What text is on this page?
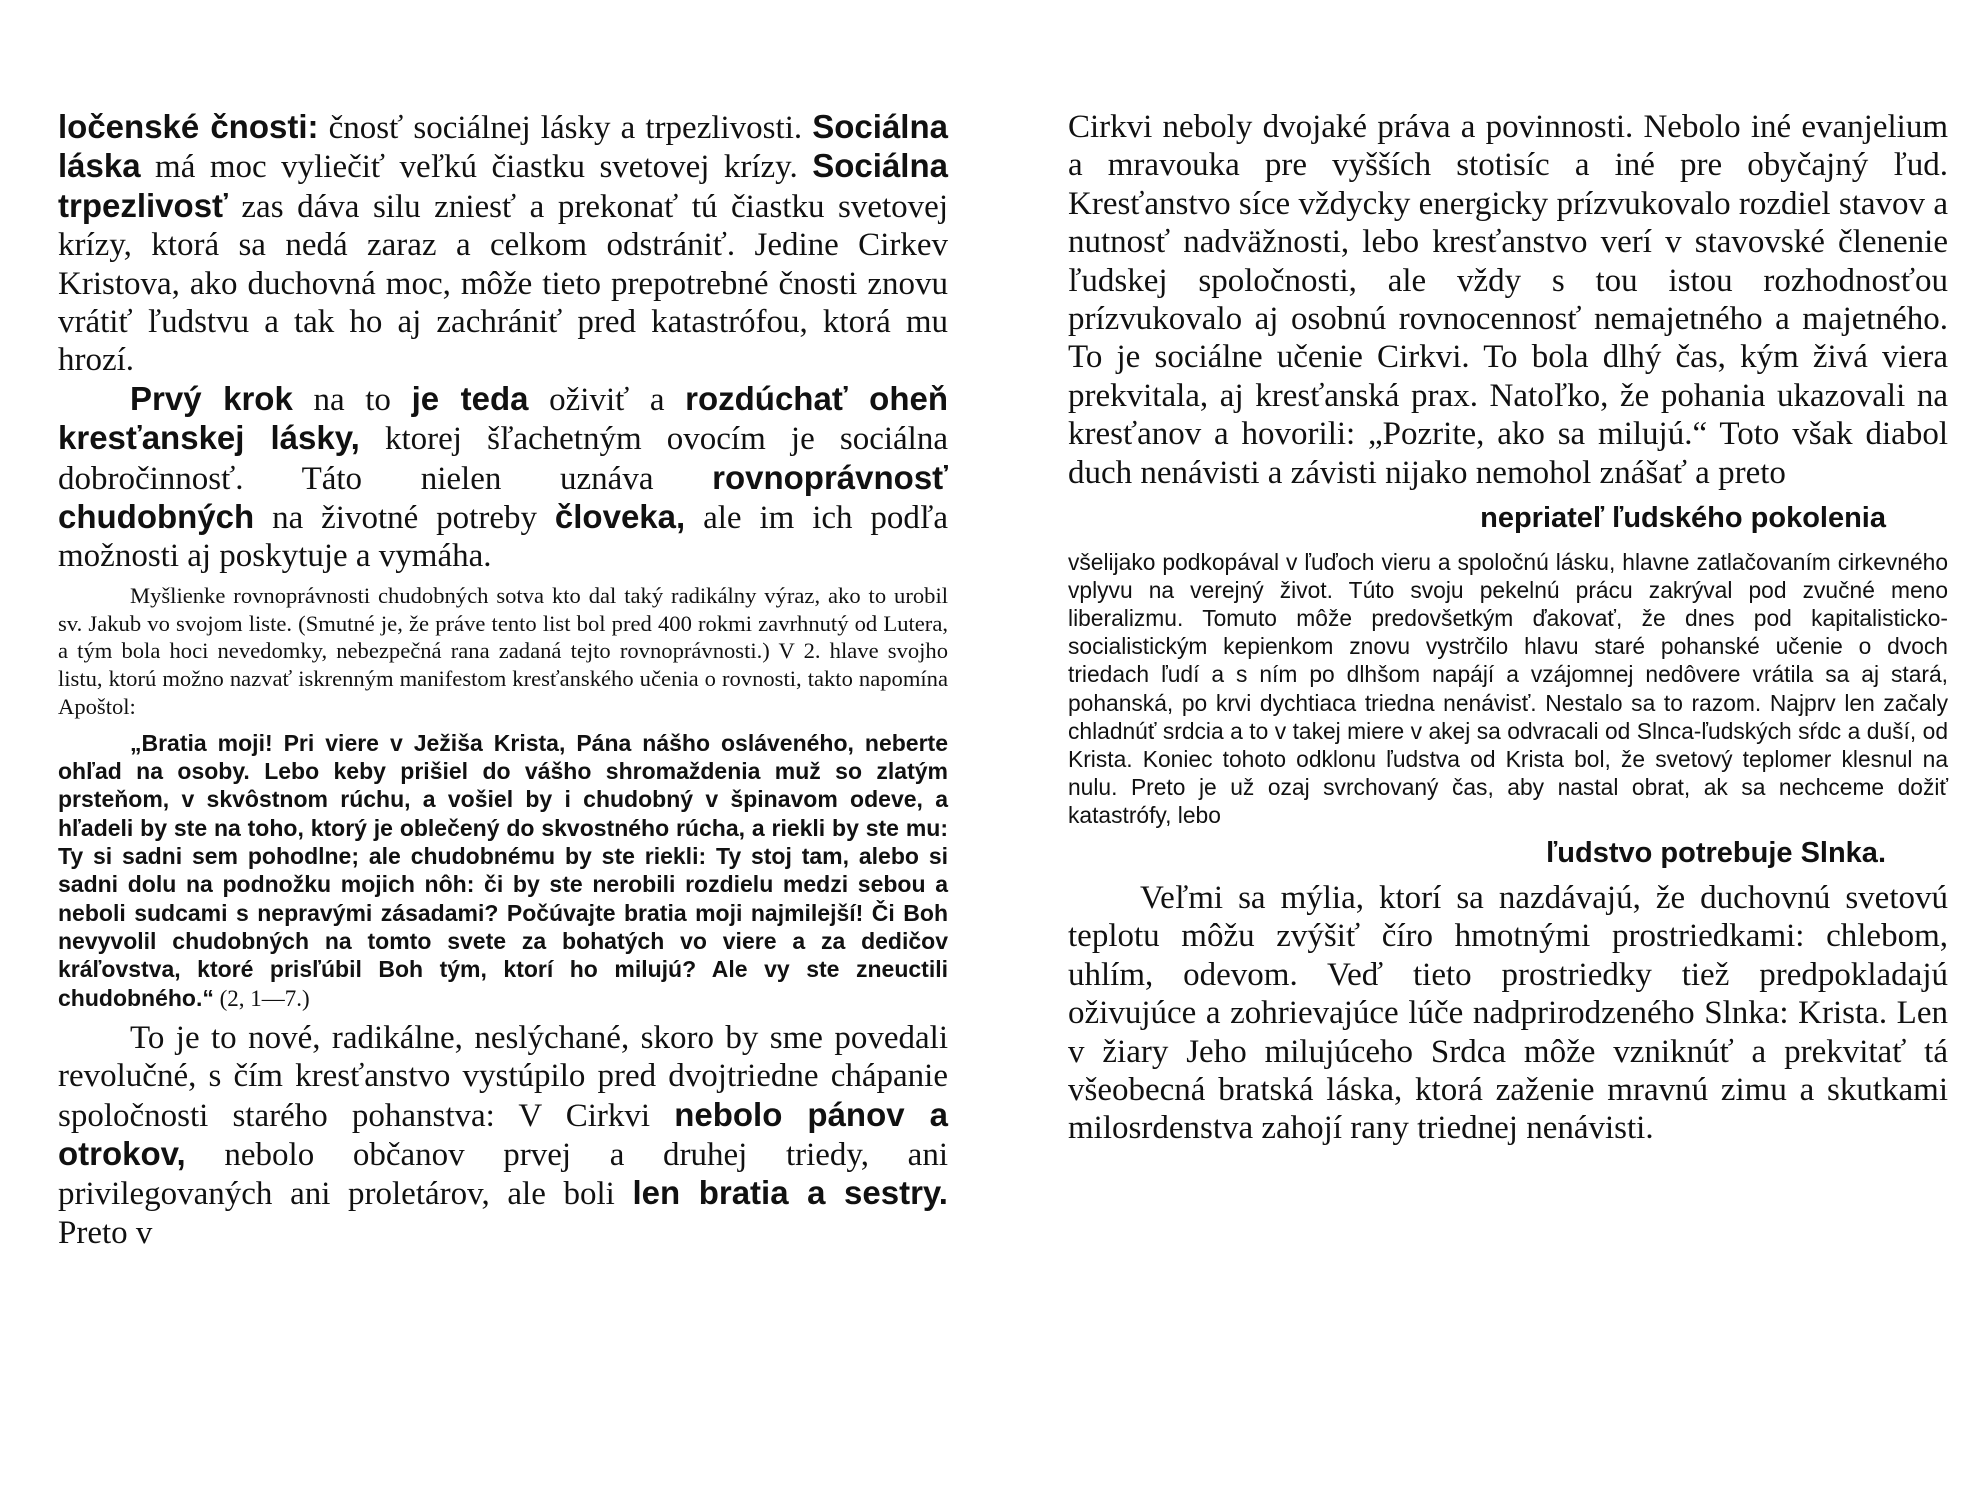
ločenské čnosti: čnosť sociálnej lásky a trpezlivosti. Sociálna láska má moc vyliečiť veľkú čiastku svetovej krízy. Sociálna trpezlivosť zas dáva silu zniesť a prekonať tú čiastku svetovej krízy, ktorá sa nedá zaraz a celkom odstrániť. Jedine Cirkev Kristova, ako duchovná moc, môže tieto prepotrebné čnosti znovu vrátiť ľudstvu a tak ho aj zachrániť pred katastrófou, ktorá mu hrozí.

Prvý krok na to je teda oživiť a rozdúchať oheň kresťanskej lásky, ktorej šľachetným ovocím je sociálna dobročinnosť. Táto nielen uznáva rovnoprávnosť chudobných na životné potreby človeka, ale im ich podľa možnosti aj poskytuje a vymáha.

Myšlienke rovnoprávnosti chudobných sotva kto dal taký radikálny výraz, ako to urobil sv. Jakub vo svojom liste. (Smutné je, že práve tento list bol pred 400 rokmi zavrhnutý od Lutera, a tým bola hoci nevedomky, nebezpečná rana zadaná tejto rovnoprávnosti.) V 2. hlave svojho listu, ktorú možno nazvať iskrenným manifestom kresťanského učenia o rovnosti, takto napomína Apoštol:

„Bratia moji! Pri viere v Ježiša Krista, Pána nášho osláveného, neberte ohľad na osoby. Lebo keby prišiel do vášho shromaždenia muž so zlatým prsteňom, v skvôstnom rúchu, a vošiel by i chudobný v špinavom odeve, a hľadeli by ste na toho, ktorý je oblečený do skvostného rúcha, a riekli by ste mu: Ty si sadni sem pohodlne; ale chudobnému by ste riekli: Ty stoj tam, alebo si sadni dolu na podnožku mojich nôh: či by ste nerobili rozdielu medzi sebou a neboli sudcami s nepravými zásadami? Počúvajte bratia moji najmilejší! Či Boh nevyvolil chudobných na tomto svete za bohatých vo viere a za dedičov kráľovstva, ktoré prisľúbil Boh tým, ktorí ho milujú? Ale vy ste zneuctili chudobného.“ (2, 1—7.)

To je to nové, radikálne, neslýchané, skoro by sme povedali revolučné, s čím kresťanstvo vystúpilo pred dvojtriedne chápanie spoločnosti starého pohanstva: V Cirkvi nebolo pánov a otrokov, nebolo občanov prvej a druhej triedy, ani privilegovaných ani proletárov, ale boli len bratia a sestry. Preto v

Cirkvi neboly dvojaké práva a povinnosti. Nebolo iné evanjelium a mravouka pre vyšších stotisíc a iné pre obyčajný ľud. Kresťanstvo síce vždycky energicky prízvukovalo rozdiel stavov a nutnosť nadväžnosti, lebo kresťanstvo verí v stavovské členenie ľudskej spoločnosti, ale vždy s tou istou rozhodnosťou prízvukovalo aj osobnú rovnocennosť nemajetného a majetného. To je sociálne učenie Cirkvi. To bola dlhý čas, kým živá viera prekvitala, aj kresťanská prax. Natoľko, že pohania ukazovali na kresťanov a hovorili: „Pozrite, ako sa milujú.“ Toto však diabol duch nenávisti a závisti nijako nemohol znášať a preto

nepriateľ ľudského pokolenia

všelijako podkopával v ľuďoch vieru a spoločnú lásku, hlavne zatlačovaním cirkevného vplyvu na verejný život. Túto svoju pekelnú prácu zakrýval pod zvučné meno liberalizmu. Tomuto môže predovšetkým ďakovať, že dnes pod kapitalisticko-socialistickým kepienkom znovu vystrčilo hlavu staré pohanské učenie o dvoch triedach ľudí a s ním po dlhšom napájí a vzájomnej nedôvere vrátila sa aj stará, pohanská, po krvi dychtiaca triedna nenávisť. Nestalo sa to razom. Najprv len začaly chladnúť srdcia a to v takej miere v akej sa odvracali od Slnca-ľudských sŕdc a duší, od Krista. Koniec tohoto odklonu ľudstva od Krista bol, že svetový teplomer klesnul na nulu. Preto je už ozaj svrchovaný čas, aby nastal obrat, ak sa nechceme dožiť katastrófy, lebo

ľudstvo potrebuje Slnka.

Veľmi sa mýlia, ktorí sa nazdávajú, že duchovnú svetovú teplotu môžu zvýšiť číro hmotnými prostriedkami: chlebom, uhlím, odevom. Veď tieto prostriedky tiež predpokladajú oživujúce a zohrievajúce lúče nadprirodzeného Slnka: Krista. Len v žiary Jeho milujúceho Srdca môže vzniknúť a prekvitať tá všeobecná bratská láska, ktorá zaženie mravnú zimu a skutkami milosrdenstva zahojí rany triednej nenávisti.
